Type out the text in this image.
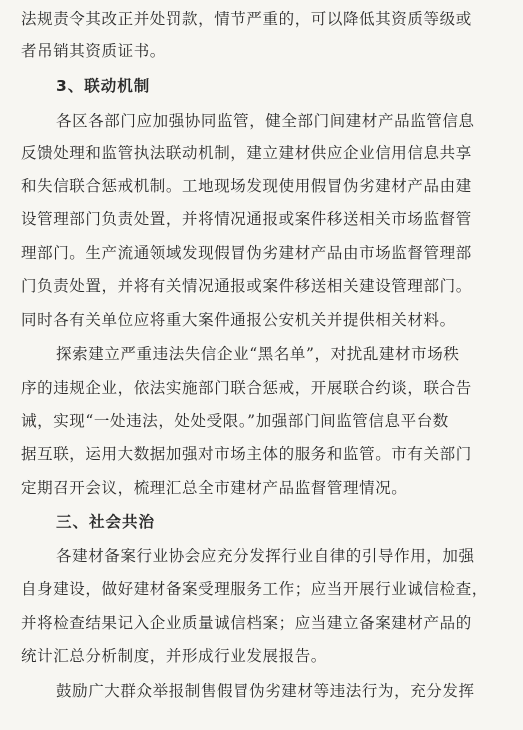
法规责令其改正并处罚款，情节严重的，可以降低其资质等级或
者吊销其资质证书。
3、联动机制
各区各部门应加强协同监管，健全部门间建材产品监管信息
反馈处理和监管执法联动机制，建立建材供应企业信用信息共享
和失信联合惩戒机制。工地现场发现使用假冒伪劣建材产品由建
设管理部门负责处置，并将情况通报或案件移送相关市场监督管
理部门。生产流通领域发现假冒伪劣建材产品由市场监督管理部
门负责处置，并将有关情况通报或案件移送相关建设管理部门。
同时各有关单位应将重大案件通报公安机关并提供相关材料。
探索建立严重违法失信企业“黑名单”，对扰乱建材市场秩
序的违规企业，依法实施部门联合惩戒，开展联合约谈，联合告
诫，实现“一处违法，处处受限。”加强部门间监管信息平台数
据互联，运用大数据加强对市场主体的服务和监管。市有关部门
定期召开会议，梳理汇总全市建材产品监督管理情况。
三、社会共治
各建材备案行业协会应充分发挥行业自律的引导作用，加强
自身建设，做好建材备案受理服务工作；应当开展行业诚信检查，
并将检查结果记入企业质量诚信档案；应当建立备案建材产品的
统计汇总分析制度，并形成行业发展报告。
鼓励广大群众举报制售假冒伪劣建材等违法行为，充分发挥
